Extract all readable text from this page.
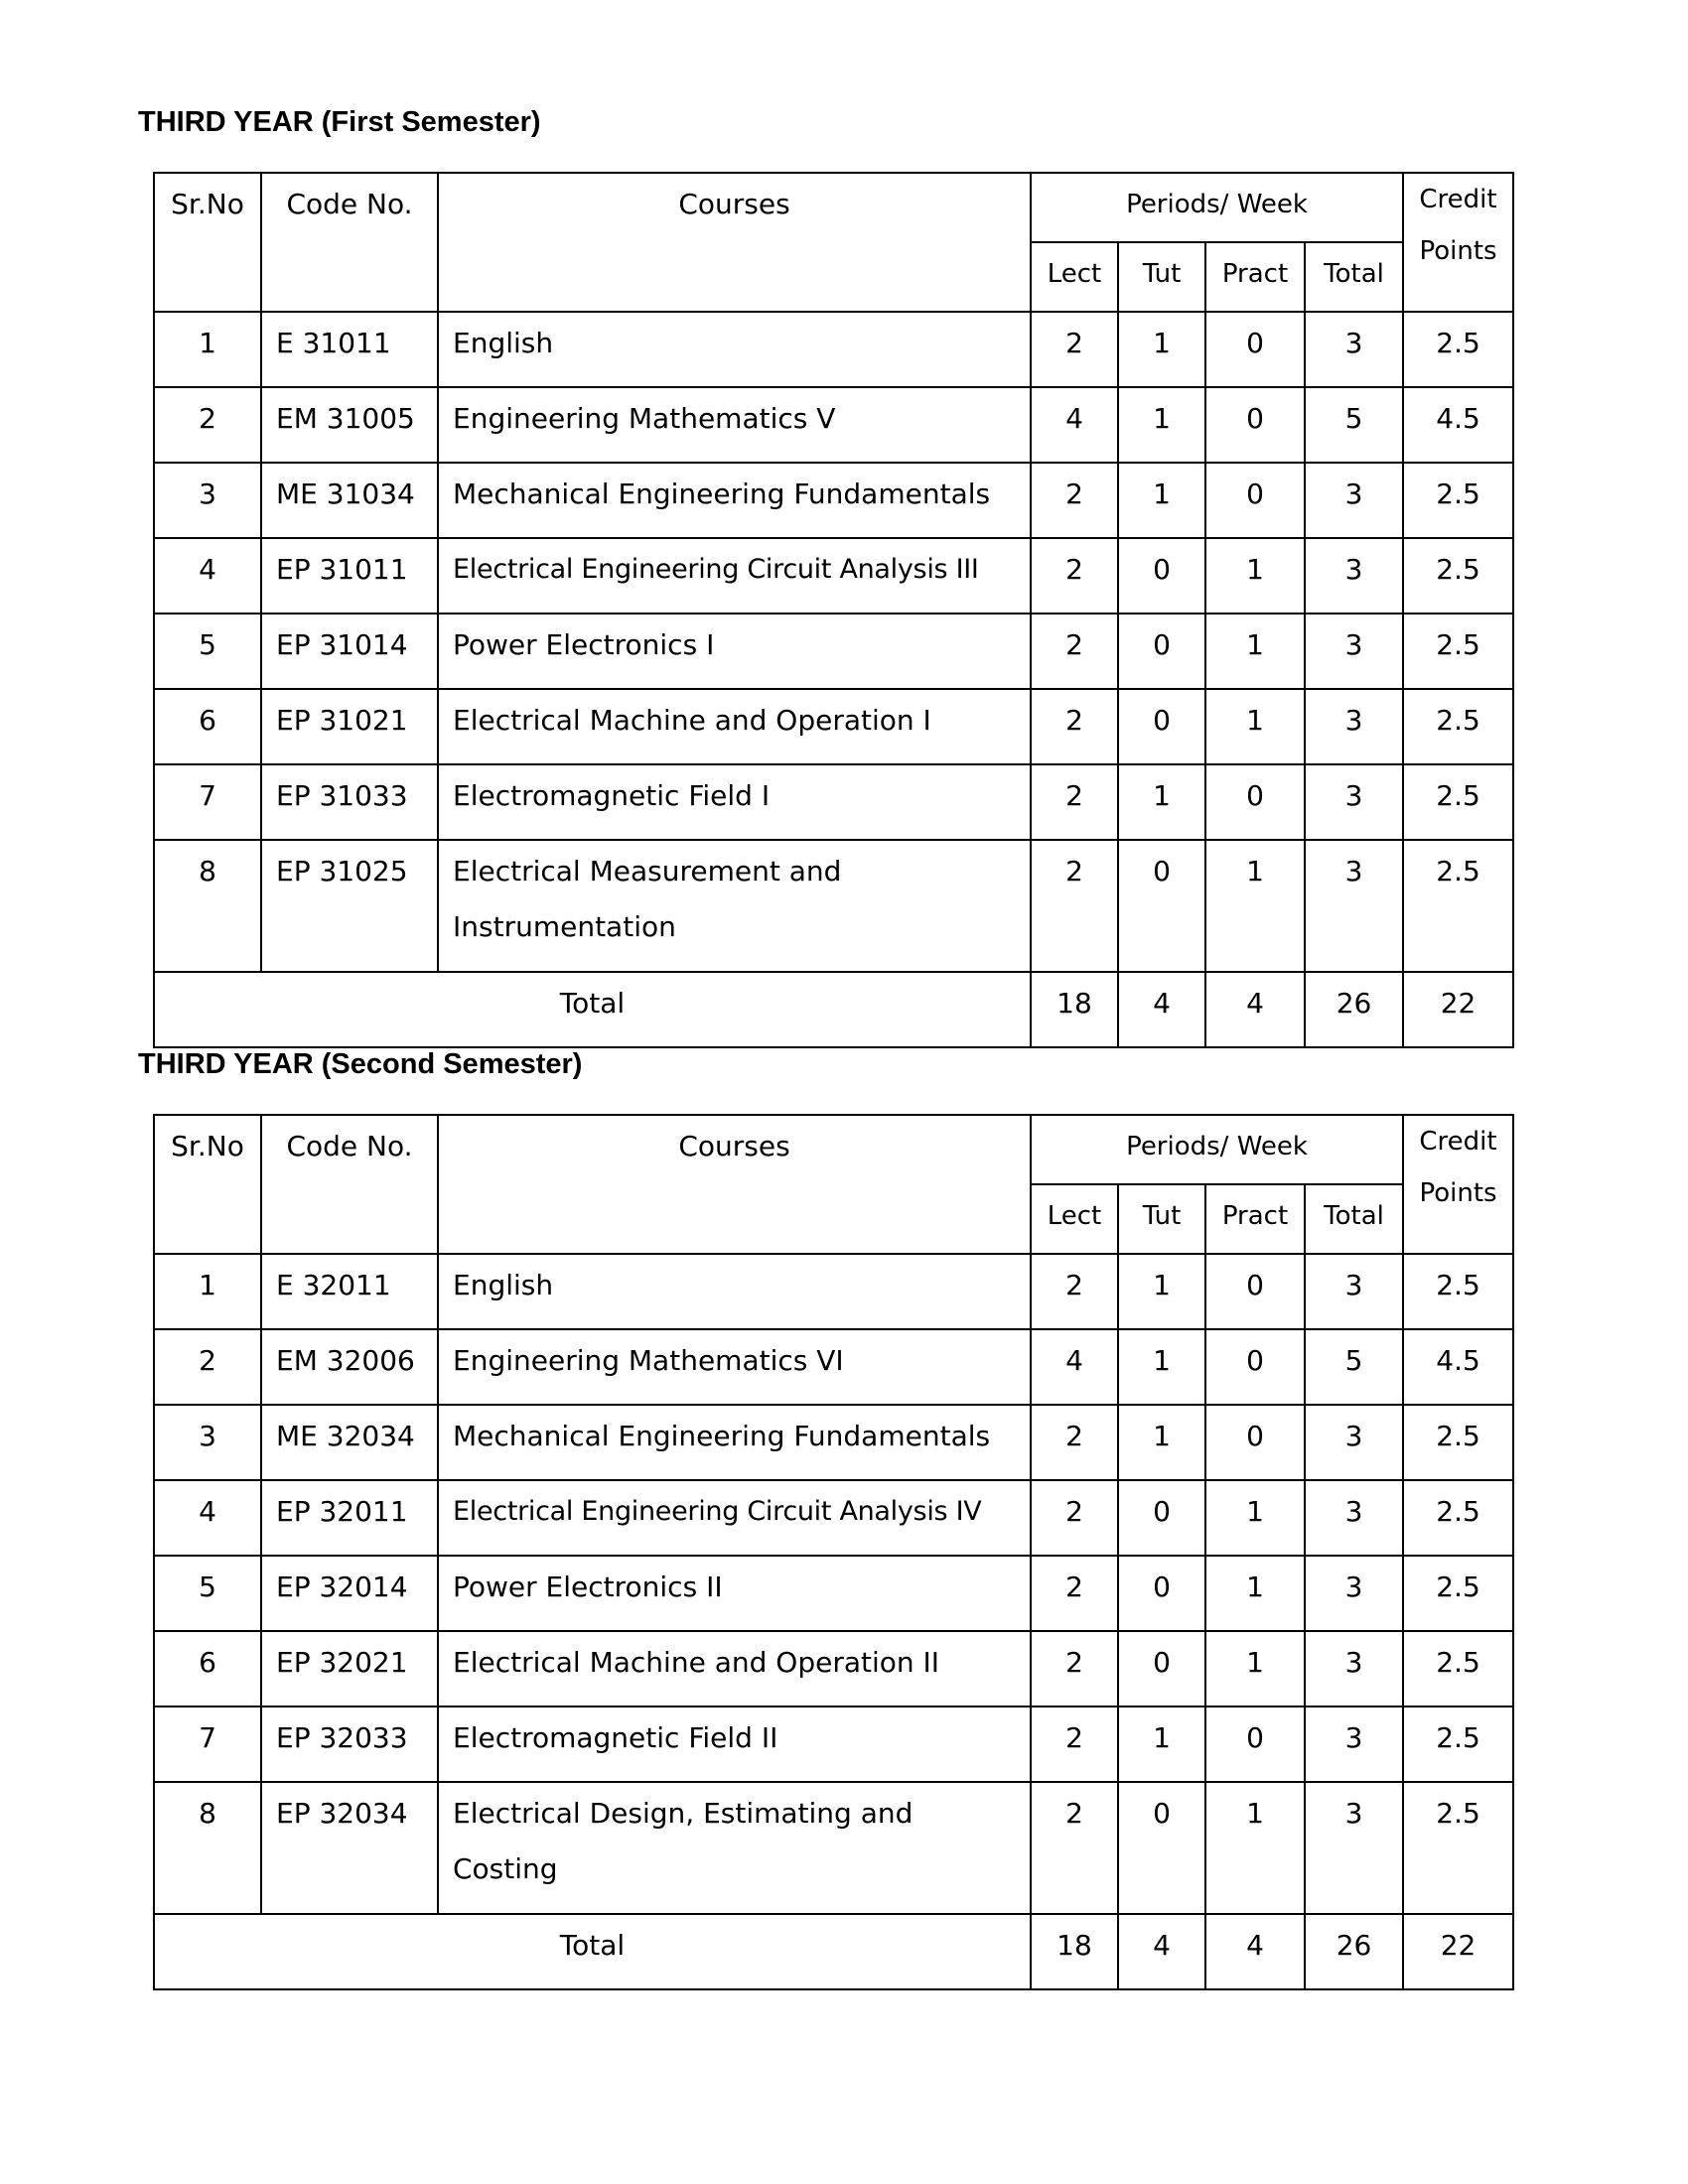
THIRD YEAR (First Semester)
Sr.No	Code No.	Courses	Periods/ Week				Credit
Points

			Lect	Tut	Pract	Total	

1	E 31011	English	2	1	0	3	2.5

2	EM 31005	Engineering Mathematics V	4	1	0	5	4.5

3	ME 31034	Mechanical Engineering Fundamentals	2	1	0	3	2.5

4	EP 31011	Electrical Engineering Circuit Analysis III	2	0	1	3	2.5

5	EP 31014	Power Electronics I	2	0	1	3	2.5

6	EP 31021	Electrical Machine and Operation I	2	0	1	3	2.5

7	EP 31033	Electromagnetic Field I	2	1	0	3	2.5

8	EP 31025	Electrical Measurement and
Instrumentation	2	0	1	3	2.5

Total			18	4	4	26	22
THIRD YEAR (Second Semester)
Sr.No	Code No.	Courses	Periods/ Week				Credit
Points

			Lect	Tut	Pract	Total	

1	E 32011	English	2	1	0	3	2.5

2	EM 32006	Engineering Mathematics VI	4	1	0	5	4.5

3	ME 32034	Mechanical Engineering Fundamentals	2	1	0	3	2.5

4	EP 32011	Electrical Engineering Circuit Analysis IV	2	0	1	3	2.5

5	EP 32014	Power Electronics II	2	0	1	3	2.5

6	EP 32021	Electrical Machine and Operation II	2	0	1	3	2.5

7	EP 32033	Electromagnetic Field II	2	1	0	3	2.5

8	EP 32034	Electrical Design, Estimating and
Costing	2	0	1	3	2.5

Total			18	4	4	26	22
